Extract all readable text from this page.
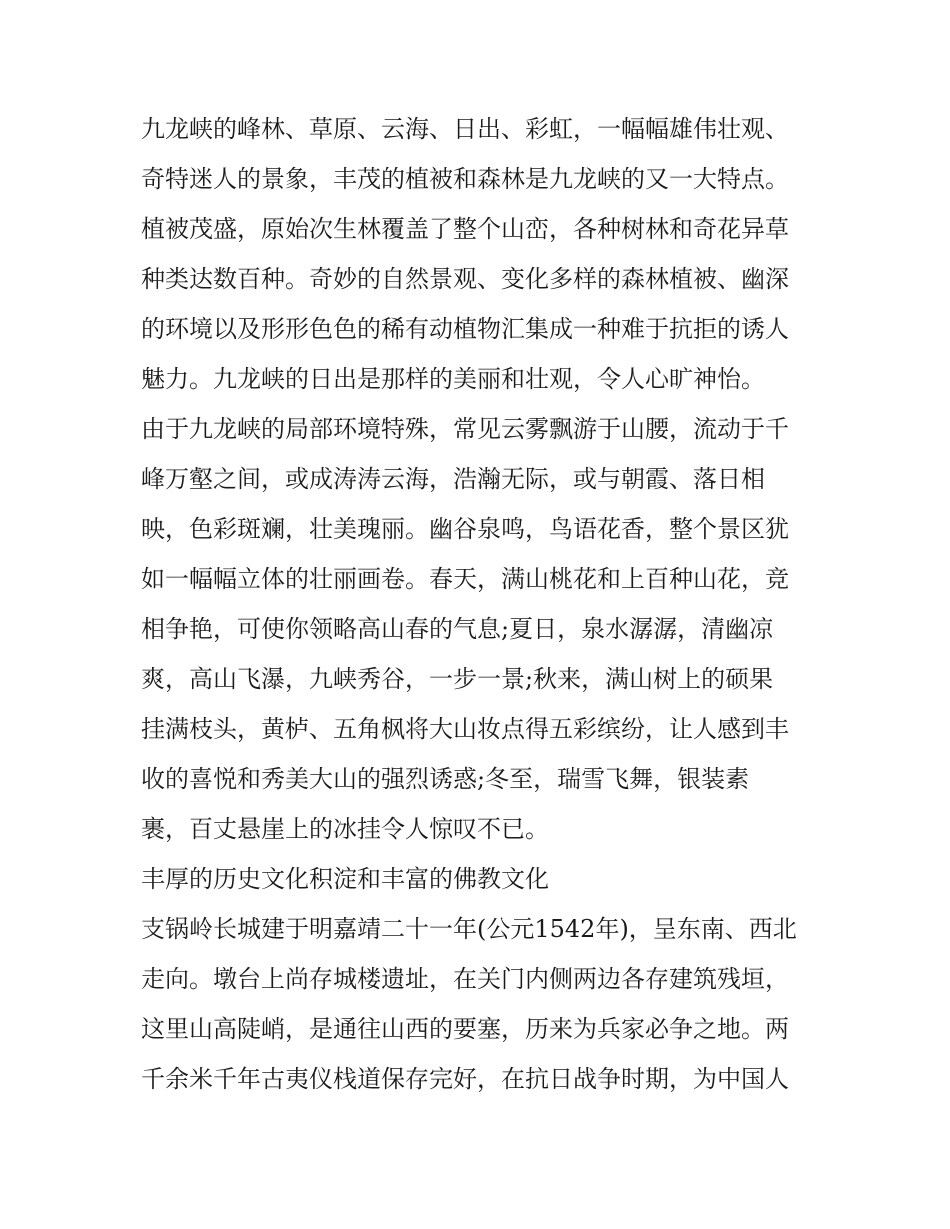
九龙峡的峰林、草原、云海、日出、彩虹，一幅幅雄伟壮观、
奇特迷人的景象，丰茂的植被和森林是九龙峡的又一大特点。
植被茂盛，原始次生林覆盖了整个山峦，各种树林和奇花异草
种类达数百种。奇妙的自然景观、变化多样的森林植被、幽深
的环境以及形形色色的稀有动植物汇集成一种难于抗拒的诱人
魅力。九龙峡的日出是那样的美丽和壮观，令人心旷神怡。
由于九龙峡的局部环境特殊，常见云雾飘游于山腰，流动于千
峰万壑之间，或成涛涛云海，浩瀚无际，或与朝霞、落日相
映，色彩斑斓，壮美瑰丽。幽谷泉鸣，鸟语花香，整个景区犹
如一幅幅立体的壮丽画卷。春天，满山桃花和上百种山花，竞
相争艳，可使你领略高山春的气息;夏日，泉水潺潺，清幽凉
爽，高山飞瀑，九峡秀谷，一步一景;秋来，满山树上的硕果
挂满枝头，黄栌、五角枫将大山妆点得五彩缤纷，让人感到丰
收的喜悦和秀美大山的强烈诱惑;冬至，瑞雪飞舞，银装素
裹，百丈悬崖上的冰挂令人惊叹不已。
丰厚的历史文化积淀和丰富的佛教文化
支锅岭长城建于明嘉靖二十一年(公元1542年)，呈东南、西北
走向。墩台上尚存城楼遗址，在关门内侧两边各存建筑残垣，
这里山高陡峭，是通往山西的要塞，历来为兵家必争之地。两
千余米千年古夷仪栈道保存完好，在抗日战争时期，为中国人
